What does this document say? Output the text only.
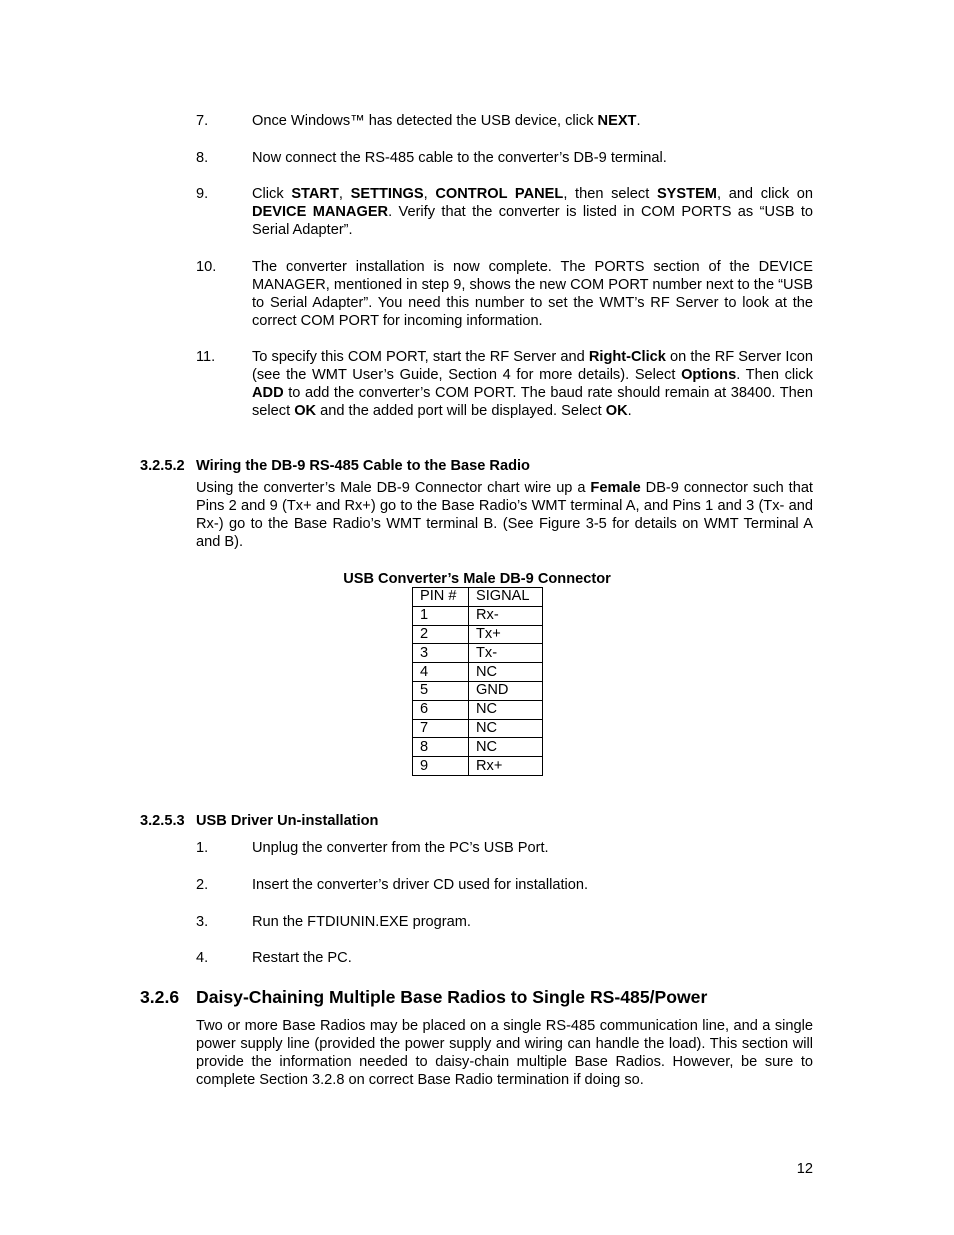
7.	Once Windows™ has detected the USB device, click NEXT.
8.	Now connect the RS-485 cable to the converter’s DB-9 terminal.
9.	Click START, SETTINGS, CONTROL PANEL, then select SYSTEM, and click on DEVICE MANAGER. Verify that the converter is listed in COM PORTS as “USB to Serial Adapter”.
10. The converter installation is now complete. The PORTS section of the DEVICE MANAGER, mentioned in step 9, shows the new COM PORT number next to the “USB to Serial Adapter”. You need this number to set the WMT’s RF Server to look at the correct COM PORT for incoming information.
11.	To specify this COM PORT, start the RF Server and Right-Click on the RF Server Icon (see the WMT User’s Guide, Section 4 for more details). Select Options. Then click ADD to add the converter’s COM PORT. The baud rate should remain at 38400. Then select OK and the added port will be displayed. Select OK.
3.2.5.2 Wiring the DB-9 RS-485 Cable to the Base Radio
Using the converter’s Male DB-9 Connector chart wire up a Female DB-9 connector such that Pins 2 and 9 (Tx+ and Rx+) go to the Base Radio’s WMT terminal A, and Pins 1 and 3 (Tx- and Rx-) go to the Base Radio’s WMT terminal B. (See Figure 3-5 for details on WMT Terminal A and B).
USB Converter’s Male DB-9 Connector
PIN #	SIGNAL
1	Rx-
2	Tx+
3	Tx-
4	NC
5	GND
6	NC
7	NC
8	NC
9	Rx+
3.2.5.3 USB Driver Un-installation
1.	Unplug the converter from the PC’s USB Port.
2.	Insert the converter’s driver CD used for installation.
3.	Run the FTDIUNIN.EXE program.
4.	Restart the PC.
3.2.6 Daisy-Chaining Multiple Base Radios to Single RS-485/Power
Two or more Base Radios may be placed on a single RS-485 communication line, and a single power supply line (provided the power supply and wiring can handle the load). This section will provide the information needed to daisy-chain multiple Base Radios. However, be sure to complete Section 3.2.8 on correct Base Radio termination if doing so.
12
